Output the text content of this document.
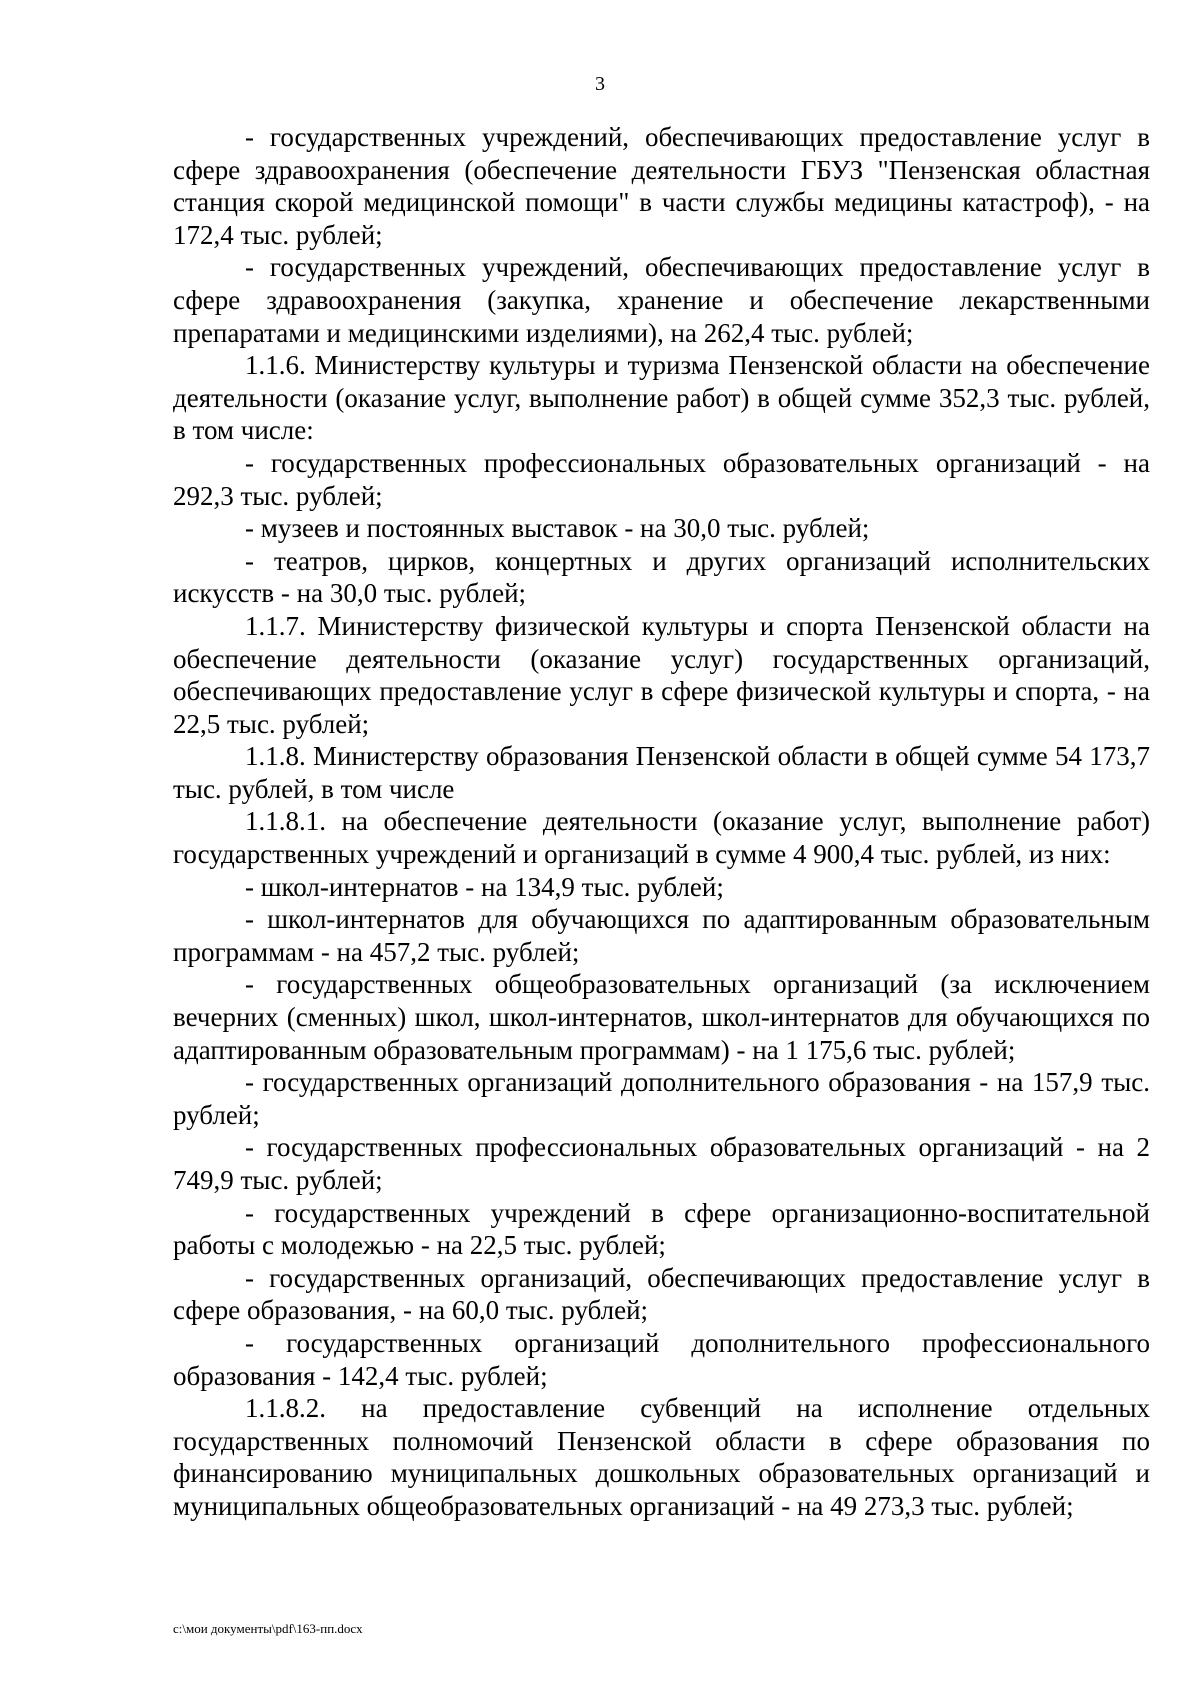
3

- государственных учреждений, обеспечивающих предоставление услуг в сфере здравоохранения (обеспечение деятельности ГБУЗ "Пензенская областная станция скорой медицинской помощи" в части службы медицины катастроф), - на 172,4 тыс. рублей;

- государственных учреждений, обеспечивающих предоставление услуг в сфере здравоохранения (закупка, хранение и обеспечение лекарственными препаратами и медицинскими изделиями), на 262,4 тыс. рублей;

1.1.6. Министерству культуры и туризма Пензенской области на обеспечение деятельности (оказание услуг, выполнение работ) в общей сумме 352,3 тыс. рублей, в том числе:

- государственных профессиональных образовательных организаций - на 292,3 тыс. рублей;

- музеев и постоянных выставок - на 30,0 тыс. рублей;

- театров, цирков, концертных и других организаций исполнительских искусств - на 30,0 тыс. рублей;

1.1.7. Министерству физической культуры и спорта Пензенской области на обеспечение деятельности (оказание услуг) государственных организаций, обеспечивающих предоставление услуг в сфере физической культуры и спорта, - на 22,5 тыс. рублей;

1.1.8. Министерству образования Пензенской области в общей сумме 54 173,7 тыс. рублей, в том числе

1.1.8.1. на обеспечение деятельности (оказание услуг, выполнение работ) государственных учреждений и организаций в сумме 4 900,4 тыс. рублей, из них:

- школ-интернатов - на 134,9 тыс. рублей;

- школ-интернатов для обучающихся по адаптированным образовательным программам - на 457,2 тыс. рублей;

- государственных общеобразовательных организаций (за исключением вечерних (сменных) школ, школ-интернатов, школ-интернатов для обучающихся по адаптированным образовательным программам) - на 1 175,6 тыс. рублей;

- государственных организаций дополнительного образования - на 157,9 тыс. рублей;

- государственных профессиональных образовательных организаций - на 2 749,9 тыс. рублей;

- государственных учреждений в сфере организационно-воспитательной работы с молодежью - на 22,5 тыс. рублей;

- государственных организаций, обеспечивающих предоставление услуг в сфере образования, - на 60,0 тыс. рублей;

- государственных организаций дополнительного профессионального образования - 142,4 тыс. рублей;

1.1.8.2. на предоставление субвенций на исполнение отдельных государственных полномочий Пензенской области в сфере образования по финансированию муниципальных дошкольных образовательных организаций и муниципальных общеобразовательных организаций - на 49 273,3 тыс. рублей;

c:\мои документы\pdf\163-пп.docx
